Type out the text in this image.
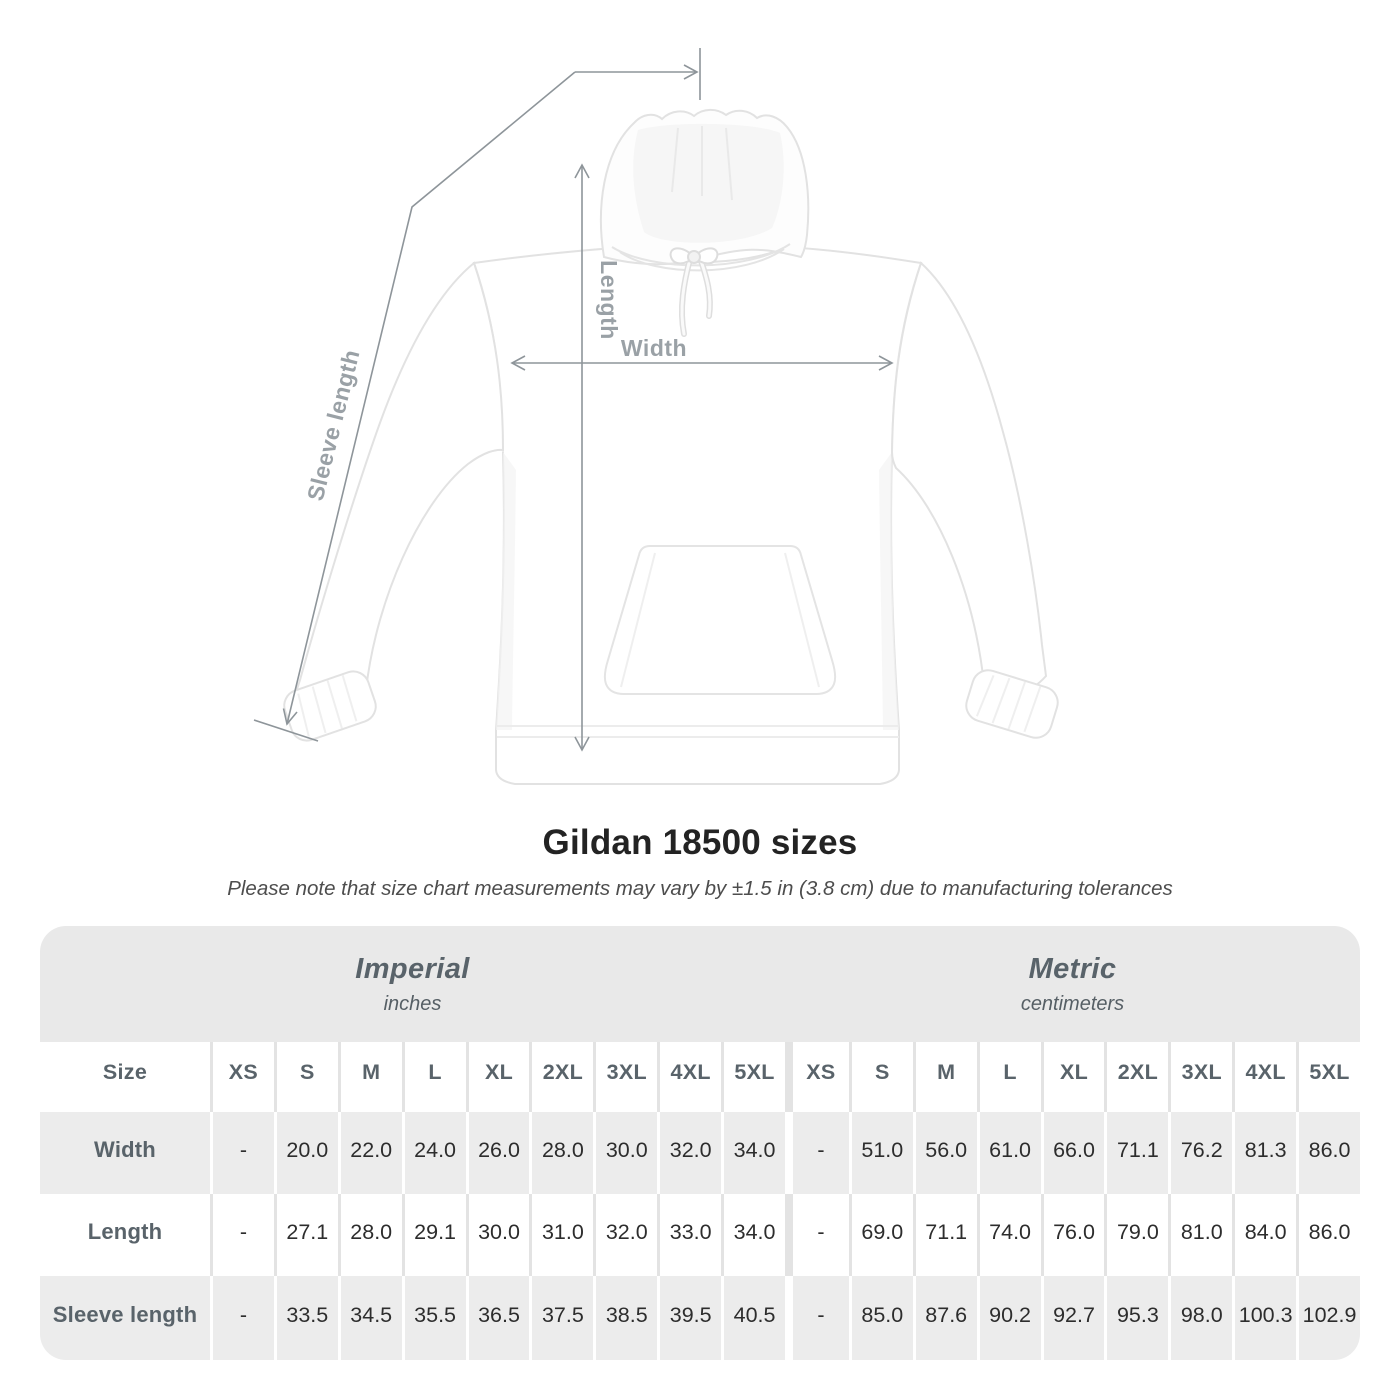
Sleeve length
Length
Width
Gildan 18500 sizes
Please note that size chart measurements may vary by ±1.5 in (3.8 cm) due to manufacturing tolerances
Imperial
inches
Metric
centimeters
Size	XS	S	M	L	XL	2XL	3XL	4XL	5XL	XS	S	M	L	XL	2XL	3XL	4XL	5XL
Width	-	20.0	22.0	24.0	26.0	28.0	30.0	32.0	34.0	-	51.0	56.0	61.0	66.0	71.1	76.2	81.3	86.0
Length	-	27.1	28.0	29.1	30.0	31.0	32.0	33.0	34.0	-	69.0	71.1	74.0	76.0	79.0	81.0	84.0	86.0
Sleeve length	-	33.5	34.5	35.5	36.5	37.5	38.5	39.5	40.5	-	85.0	87.6	90.2	92.7	95.3	98.0 100.3 102.9
